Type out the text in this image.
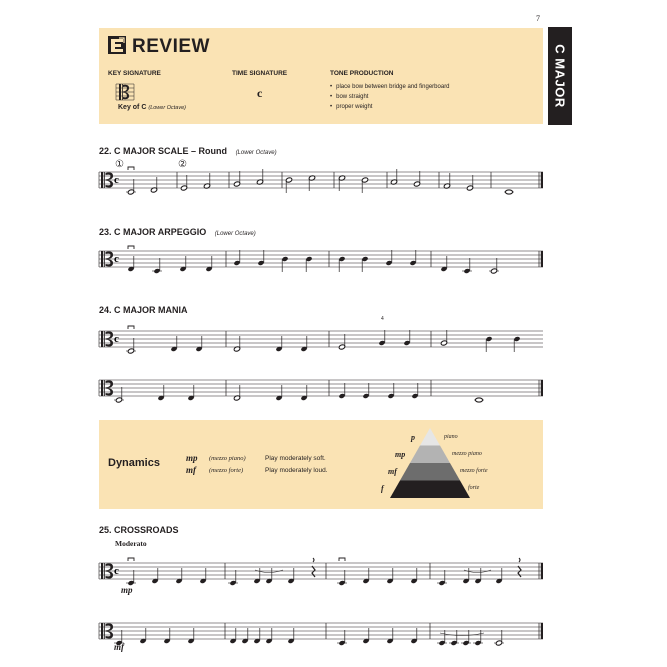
7
C MAJOR
REVIEW
KEY SIGNATURE	TIME SIGNATURE	TONE PRODUCTION
Key of C (Lower Octave)
c
•	place bow between bridge and fingerboard
• bow straight
• proper weight
22. C MAJOR SCALE – Round (Lower Octave)
①	②
c
23. C MAJOR ARPEGGIO (Lower Octave)
c
24. C MAJOR MANIA
4
c
Dynamics	mp (mezzo piano)	Play moderately soft.
mf (mezzo forte)	Play moderately loud.
p
mp
mf
f
piano
mezzo piano
mezzo forte
forte
25. CROSSROADS
Moderato
c
mp
mf
